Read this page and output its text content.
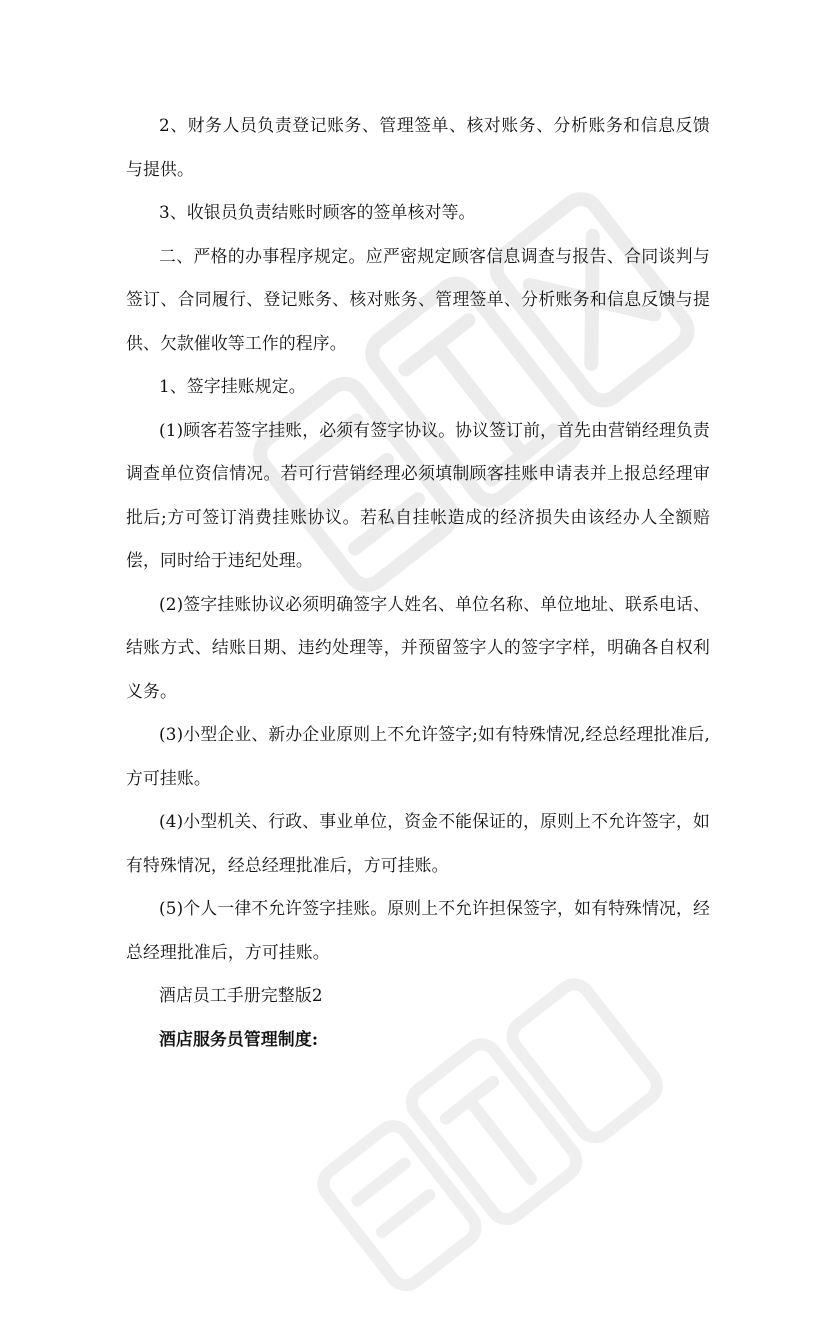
2、财务人员负责登记账务、管理签单、核对账务、分析账务和信息反馈与提供。

3、收银员负责结账时顾客的签单核对等。

二、严格的办事程序规定。应严密规定顾客信息调查与报告、合同谈判与签订、合同履行、登记账务、核对账务、管理签单、分析账务和信息反馈与提供、欠款催收等工作的程序。

1、签字挂账规定。

(1)顾客若签字挂账，必须有签字协议。协议签订前，首先由营销经理负责调查单位资信情况。若可行营销经理必须填制顾客挂账申请表并上报总经理审批后;方可签订消费挂账协议。若私自挂帐造成的经济损失由该经办人全额赔偿，同时给于违纪处理。

(2)签字挂账协议必须明确签字人姓名、单位名称、单位地址、联系电话、结账方式、结账日期、违约处理等，并预留签字人的签字字样，明确各自权利义务。

(3)小型企业、新办企业原则上不允许签字;如有特殊情况,经总经理批准后,方可挂账。

(4)小型机关、行政、事业单位，资金不能保证的，原则上不允许签字，如有特殊情况，经总经理批准后，方可挂账。

(5)个人一律不允许签字挂账。原则上不允许担保签字，如有特殊情况，经总经理批准后，方可挂账。

酒店员工手册完整版2

酒店服务员管理制度:
